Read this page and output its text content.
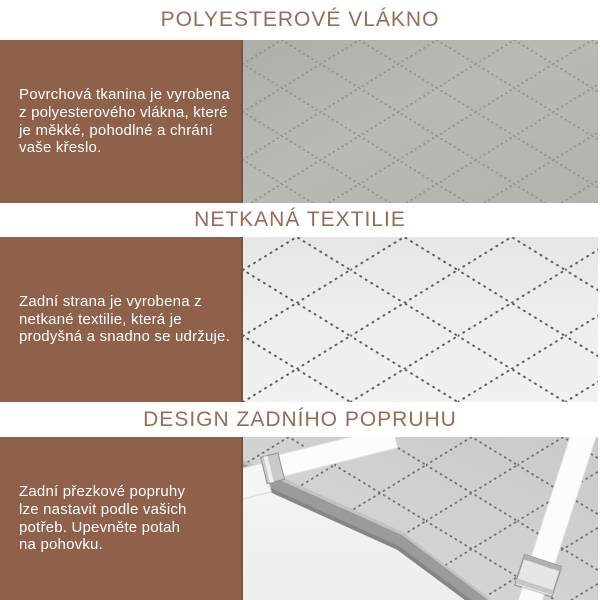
POLYESTEROVÉ VLÁKNO
Povrchová tkanina je vyrobena
z polyesterového vlákna, které
je měkké, pohodlné a chrání
vaše křeslo.
NETKANÁ TEXTILIE
Zadní strana je vyrobena z
netkané textilie, která je
prodyšná a snadno se udržuje.
DESIGN ZADNÍHO POPRUHU
Zadní přezkové popruhy
lze nastavit podle vašich
potřeb. Upevněte potah
na pohovku.
